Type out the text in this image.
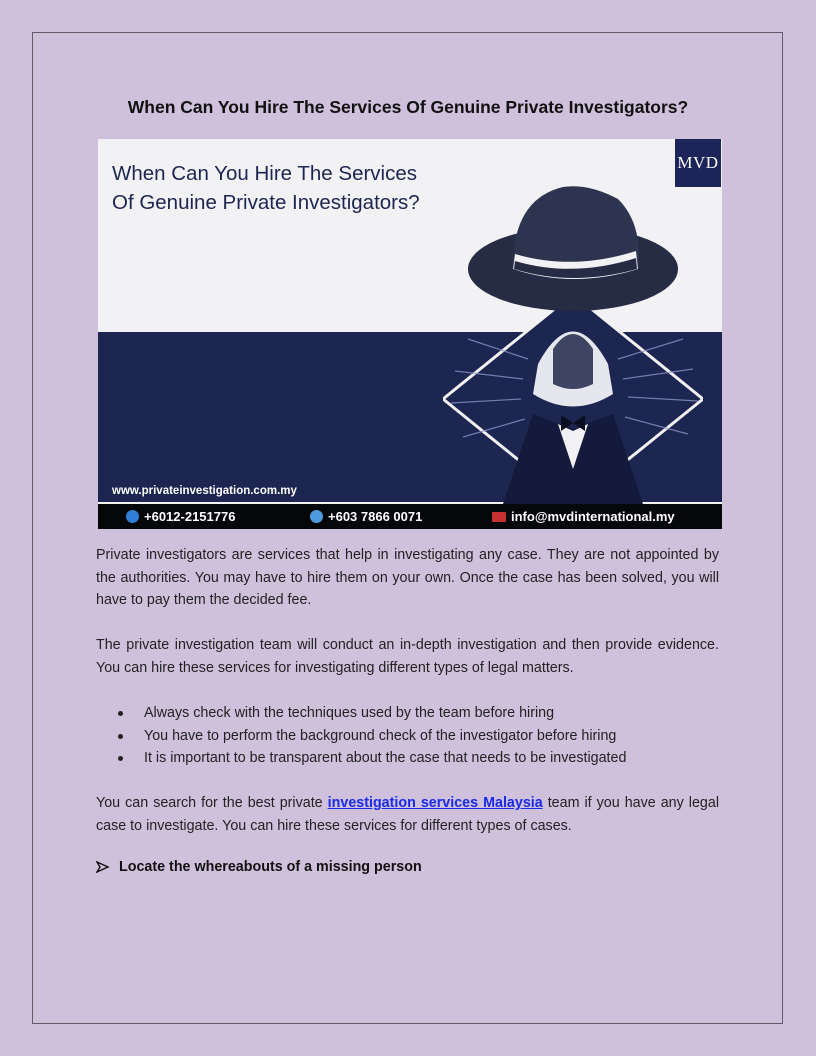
When Can You Hire The Services Of Genuine Private Investigators?
When Can You Hire The Services
Of Genuine Private Investigators?
MVD
www.privateinvestigation.com.my
+6012-2151776	+603 7866 0071	info@mvdinternational.my

Private investigators are services that help in investigating any case. They are not appointed by the authorities. You may have to hire them on your own. Once the case has been solved, you will have to pay them the decided fee.

The private investigation team will conduct an in-depth investigation and then provide evidence. You can hire these services for investigating different types of legal matters.

Always check with the techniques used by the team before hiring
You have to perform the background check of the investigator before hiring
It is important to be transparent about the case that needs to be investigated

You can search for the best private investigation services Malaysia team if you have any legal case to investigate. You can hire these services for different types of cases.

Locate the whereabouts of a missing person
